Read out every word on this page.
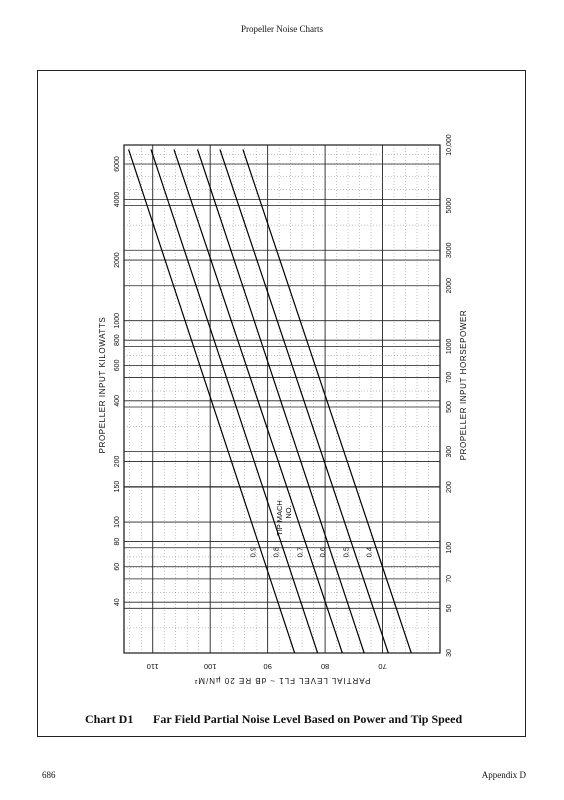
Propeller Noise Charts
0.9 0.8 0.7 0.6 0.5 0.4
110	100	90	80	70
40
60
80
100
150
200
400
600
800
1000
2000
4000
6000
30
50
70
100
200
300
500
700
1000
2000
3000
5000
10,000
PARTIAL LEVEL FL1 ~ dB RE 20 µN/M²
PROPELLER INPUT KILOWATTS	PROPELLER INPUT HORSEPOWER
TIP MACH NO.
Chart D1 Far Field Partial Noise Level Based on Power and Tip Speed
686	Appendix D
